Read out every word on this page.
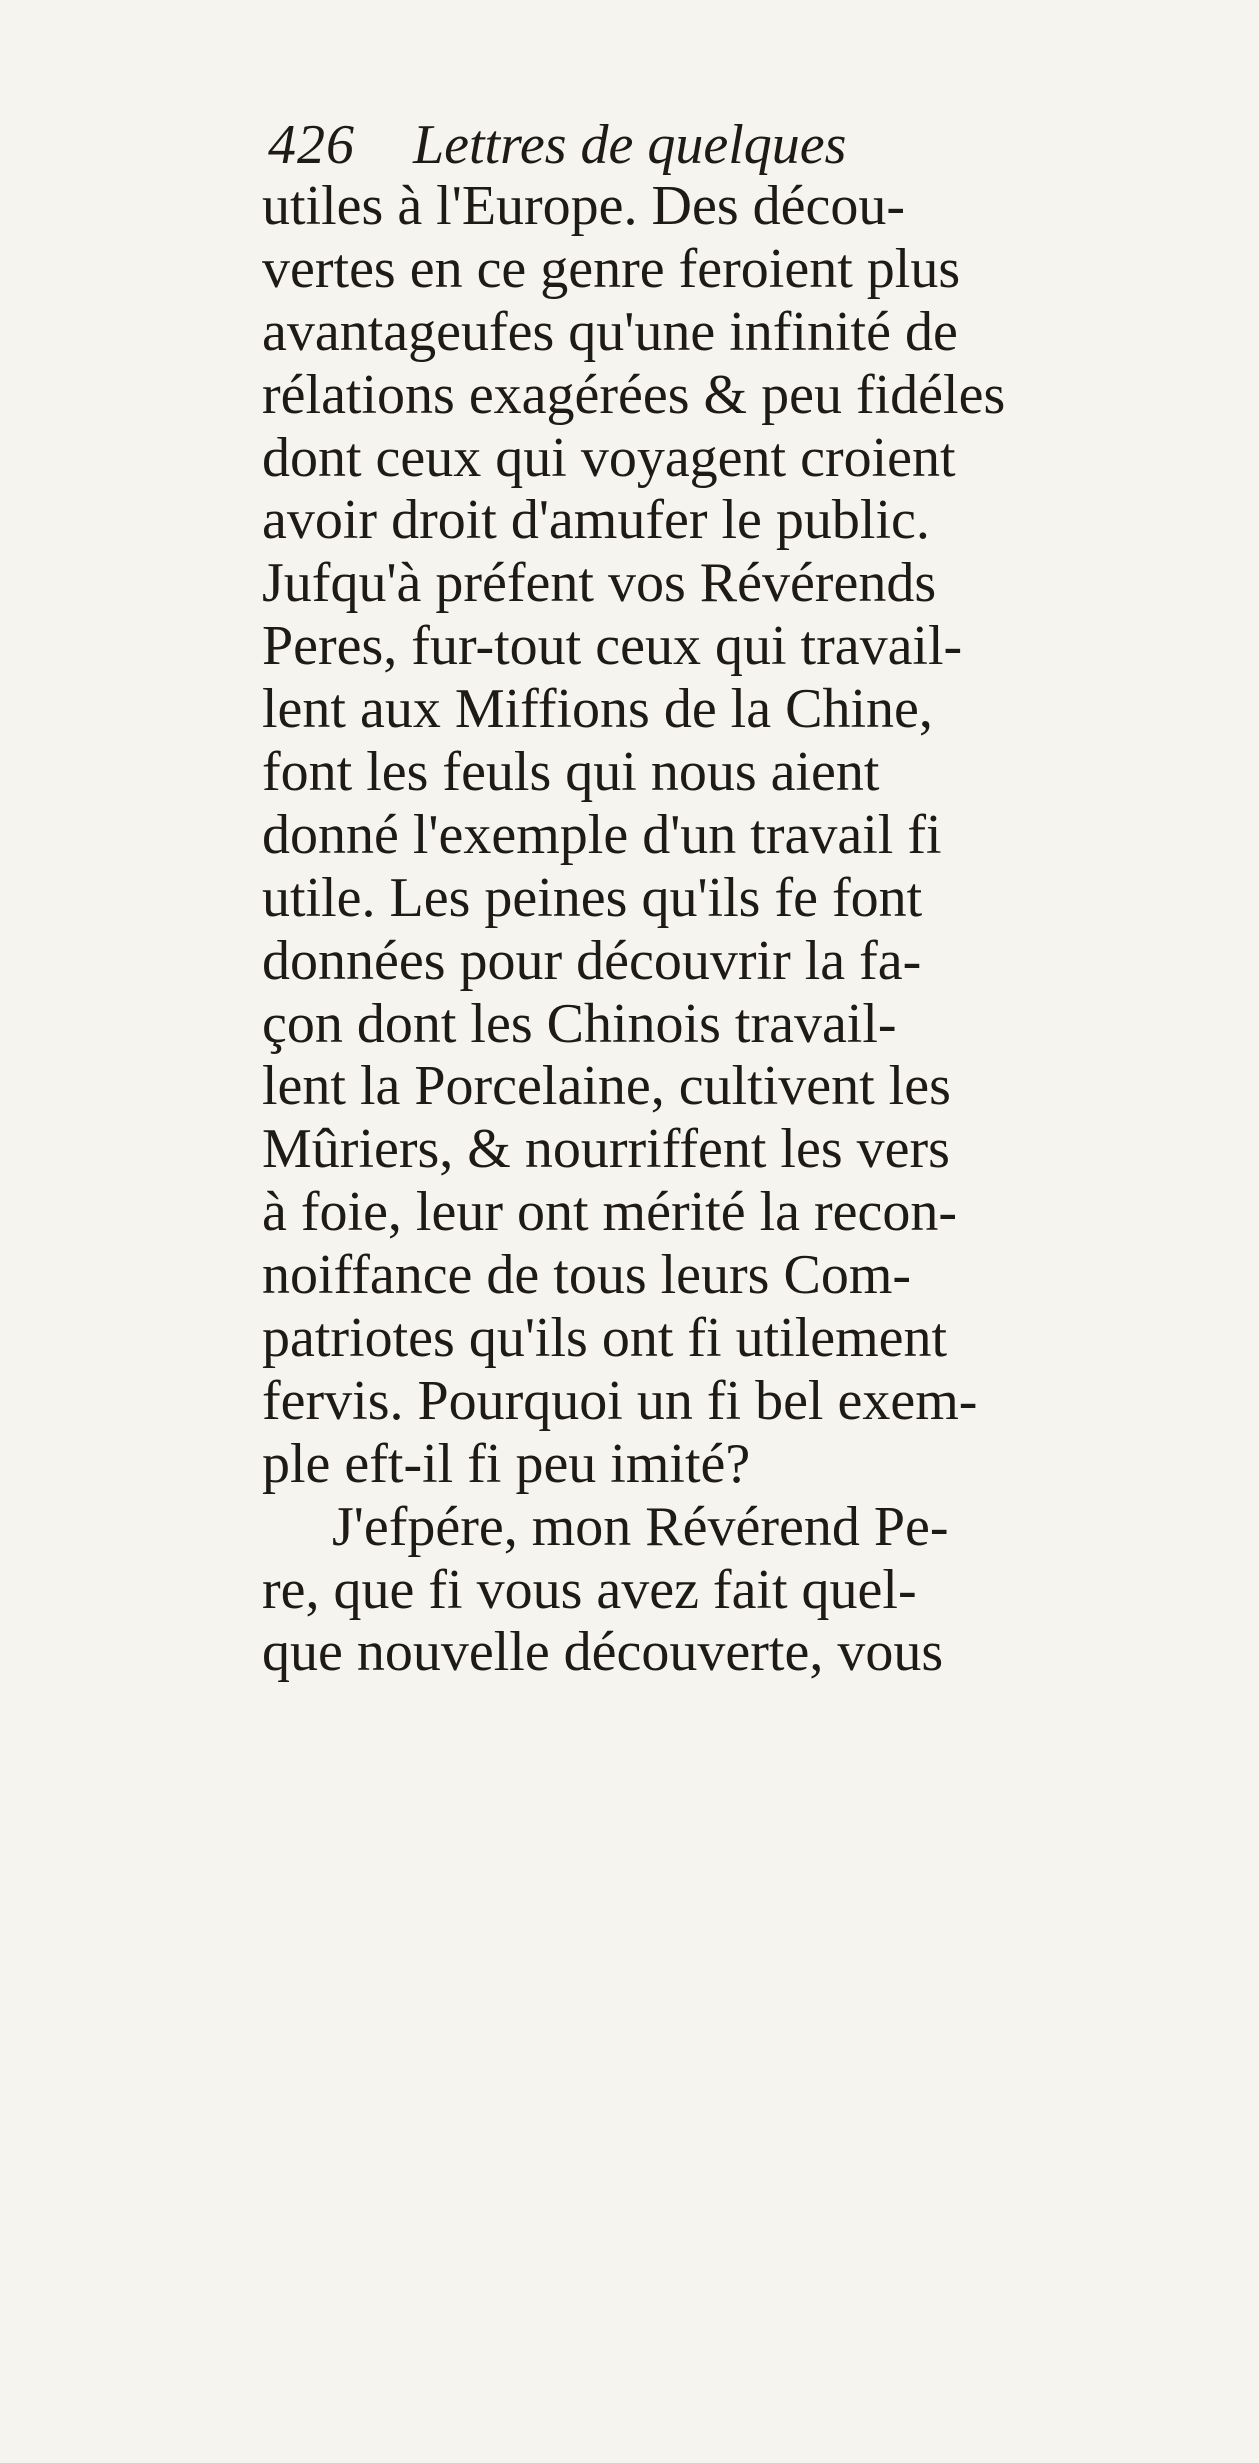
426 Lettres de quelques
utiles à l'Europe. Des décou-
vertes en ce genre feroient plus
avantageufes qu'une infinité de
rélations exagérées & peu fidéles
dont ceux qui voyagent croient
avoir droit d'amufer le public.
Jufqu'à préfent vos Révérends
Peres, fur-tout ceux qui travail-
lent aux Miffions de la Chine,
font les feuls qui nous aient
donné l'exemple d'un travail fi
utile. Les peines qu'ils fe font
données pour découvrir la fa-
çon dont les Chinois travail-
lent la Porcelaine, cultivent les
Mûriers, & nourriffent les vers
à foie, leur ont mérité la recon-
noiffance de tous leurs Com-
patriotes qu'ils ont fi utilement
fervis. Pourquoi un fi bel exem-
ple eft-il fi peu imité?
J'efpére, mon Révérend Pe-
re, que fi vous avez fait quel-
que nouvelle découverte, vous
